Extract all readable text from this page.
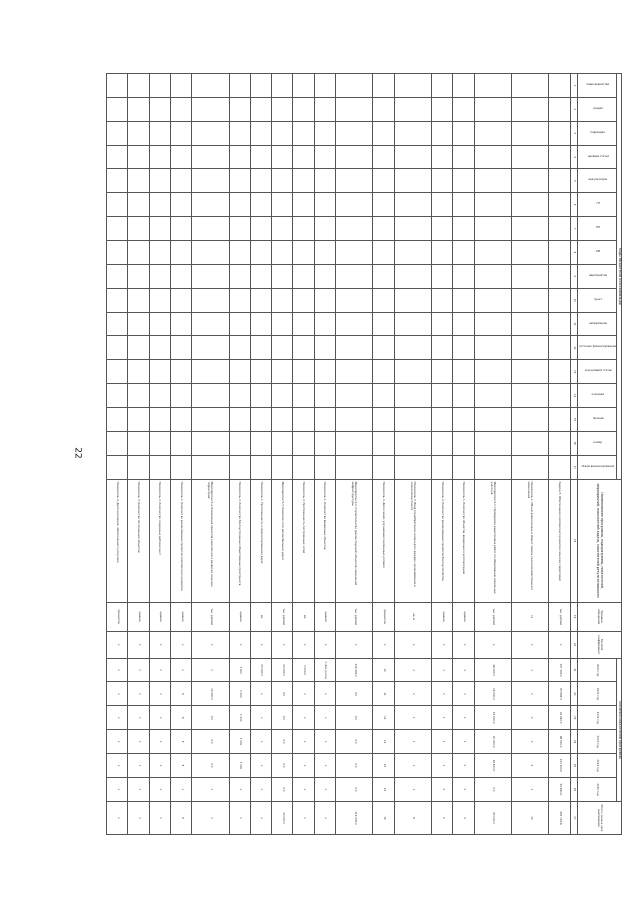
22
Коды бюджетной классификации																	Наименование программы, подпрограммы, показателей, мероприятий, показателей задачи, показателей результативности	Единица измерения	Весовой коэффициент	Значения показателей программы						Итого (за весь срок реализации)
глава ведомства	раздел	подраздел	целевая статья	вид расходов	ГП	ПП	ОМ	мероприятие	пункт	направление	источник финансирования	код целевой статьи	код вида	признак	номер	объем финансирования				2020 год	2021 год	2022 год	2023 год	2024 год	2025 год	
1	2	3	4	5	6	7	8	9	10	11	12	13	14	15	16	17	18	19	20	21	22	23	24	25	26	27
																	Задача 5. Обеспечение комплексного развития сельских территорий	тыс. рублей	х	157 305,0	83 808,3	91 967,3	86 000,0	103 253,0	59 460,0	581 793,6
																	Показатель 1. Объем вовлеченных в оборот земель сельскохозяйственного назначения	га	х	1	1	2	3	2	1	10
																	Мероприятие 5.1. Проведение кадастровых работ по образованию земельных участков	тыс. рублей	х	16 000,0	18 000,0	19 500,0	20 000,0	16 500,0	0,0	90 000,0
																	Показатель 1. Количество объектов, введенных в эксплуатацию	единиц	х	1	1	1	1	0	0	4
																	Показатель 2. Количество реализованных проектов благоустройства	единиц	х	1	1	1	1	1	0	5
																	Показатель 3. Ввод (приобретение) жилья для граждан, проживающих в сельской местности	кв. м	х	1	1	1	1	1	1	6
																	Показатель 4. Доля семей, улучшивших жилищные условия	процентов	х	10	11	12	14	15	15	15
																	Мероприятие 5.2. Строительство (реконструкция) объектов социальной инфраструктуры	тыс. рублей	х	118 305,0	0,0	0,0	0,0	0,0	0,0	118 305,0
																	Показатель 1. Количество введенных объектов	единиц	х	1 (без учета)	х	х	х	х	х	х
																	Показатель 2. Протяженность построенных сетей	км	х	1 000,0	х	х	х	х	х	х
																	Мероприятие 5.3. Развитие сети автомобильных дорог	тыс. рублей	х	23 000,0	0,0	0,0	0,0	0,0	0,0	23 000,0
																	Показатель 1. Протяженность отремонтированных дорог	км	х	23 000,0	х	х	х	х	х	х
																	Показатель 2. Количество благоустроенных общественных пространств	единиц	х	1 000	1 000	1 000	1 000	1 000	х	х
																	Мероприятие 5.4. Реализация проектов комплексного развития сельских территорий	тыс. рублей	х	х	79 000,0	0,0	0,0	0,0	х	х
																	Показатель 1. Количество реализованных проектов комплексного развития	единиц	х	х	8	8	8	8	х	8
																	Показатель 2. Количество созданных рабочих мест	единиц	х	х	х	х	х	х	х	х
																	Показатель 3. Количество построенных объектов	единиц	х	х	х	х	х	х	х	х
																	Показатель 4. Доля населения, обеспеченного услугами	процентов	х	х	х	х	х	х	х	х
